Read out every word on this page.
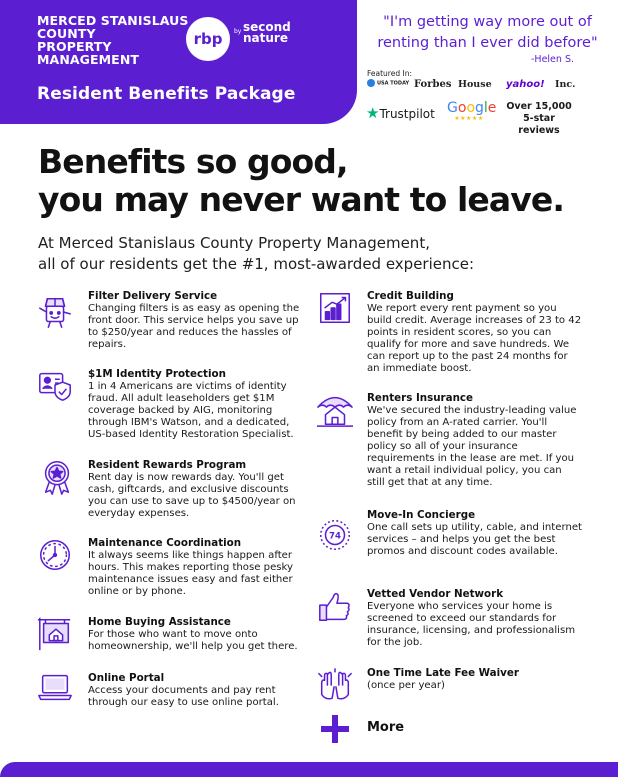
MERCED STANISLAUS
COUNTY
PROPERTY
MANAGEMENT
rbp	by second
nature
Resident Benefits Package
"I'm getting way more out of
renting than I ever did before"
-Helen S.
Featured In:
USA TODAY Forbes House yahoo! Inc.
★Trustpilot Google
★★★★★
Over 15,000
5-star reviews
Benefits so good,
you may never want to leave.
At Merced Stanislaus County Property Management,
all of our residents get the #1, most-awarded experience:
Filter Delivery Service
Changing filters is as easy as opening the front door. This service helps you save up to $250/year and reduces the hassles of repairs.
$1M Identity Protection
1 in 4 Americans are victims of identity fraud. All adult leaseholders get $1M coverage backed by AIG, monitoring through IBM's Watson, and a dedicated, US-based Identity Restoration Specialist.
Resident Rewards Program
Rent day is now rewards day. You'll get cash, giftcards, and exclusive discounts you can use to save up to $4500/year on everyday expenses.
Maintenance Coordination
It always seems like things happen after hours. This makes reporting those pesky maintenance issues easy and fast either online or by phone.
Home Buying Assistance
For those who want to move onto homeownership, we'll help you get there.
Online Portal
Access your documents and pay rent through our easy to use online portal.
Credit Building
We report every rent payment so you build credit. Average increases of 23 to 42 points in resident scores, so you can qualify for more and save hundreds. We can report up to the past 24 months for an immediate boost.
Renters Insurance
We've secured the industry-leading value policy from an A-rated carrier. You'll benefit by being added to our master policy so all of your insurance requirements in the lease are met. If you want a retail individual policy, you can still get that at any time.
74
Move-In Concierge
One call sets up utility, cable, and internet services – and helps you get the best promos and discount codes available.
Vetted Vendor Network
Everyone who services your home is screened to exceed our standards for insurance, licensing, and professionalism for the job.
One Time Late Fee Waiver
(once per year)
More
